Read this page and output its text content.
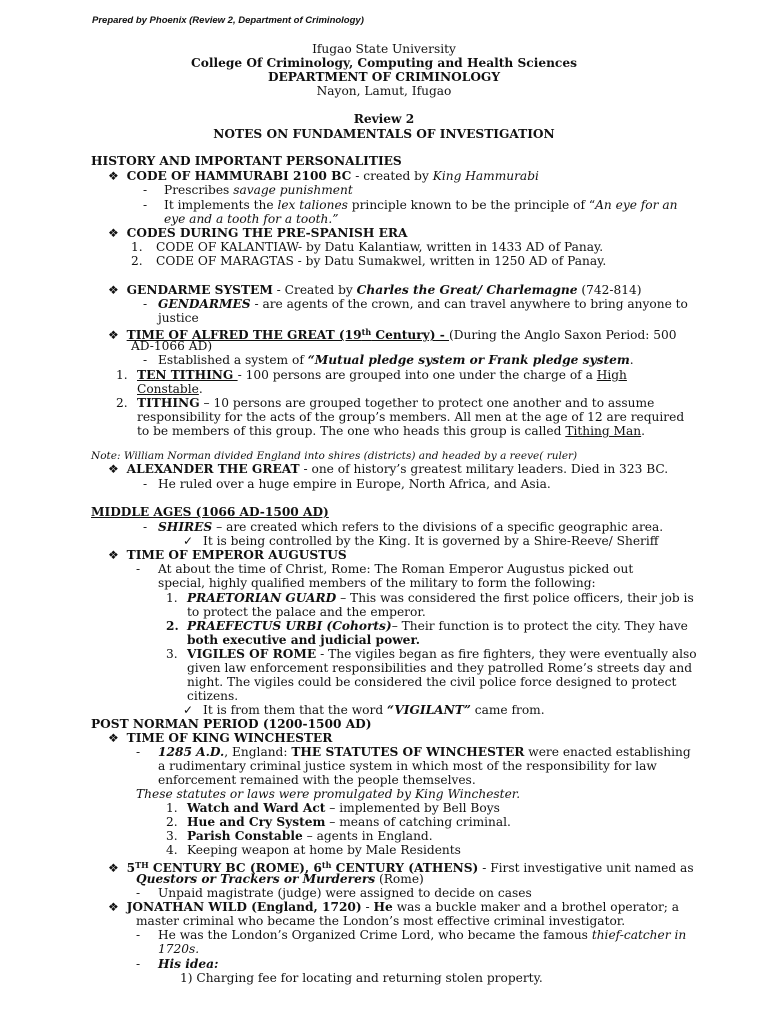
Prepared by Phoenix (Review 2, Department of Criminology)
Ifugao State University
College Of Criminology, Computing and Health Sciences
DEPARTMENT OF CRIMINOLOGY
Nayon, Lamut, Ifugao
Review 2
NOTES ON FUNDAMENTALS OF INVESTIGATION
HISTORY AND IMPORTANT PERSONALITIES
❖ CODE OF HAMMURABI 2100 BC - created by King Hammurabi
- Prescribes savage punishment
- It implements the lex taliones principle known to be the principle of “An eye for an
eye and a tooth for a tooth.”
❖ CODES DURING THE PRE-SPANISH ERA
1. CODE OF KALANTIAW- by Datu Kalantiaw, written in 1433 AD of Panay.
2. CODE OF MARAGTAS - by Datu Sumakwel, written in 1250 AD of Panay.
❖ GENDARME SYSTEM - Created by Charles the Great/ Charlemagne (742-814)
- GENDARMES - are agents of the crown, and can travel anywhere to bring anyone to
justice
❖ TIME OF ALFRED THE GREAT (19th Century) - (During the Anglo Saxon Period: 500
AD-1066 AD)
- Established a system of “Mutual pledge system or Frank pledge system.
1. TEN TITHING - 100 persons are grouped into one under the charge of a High
Constable.
2. TITHING – 10 persons are grouped together to protect one another and to assume
responsibility for the acts of the group’s members. All men at the age of 12 are required
to be members of this group. The one who heads this group is called Tithing Man.
Note: William Norman divided England into shires (districts) and headed by a reeve( ruler)
❖ ALEXANDER THE GREAT - one of history’s greatest military leaders. Died in 323 BC.
- He ruled over a huge empire in Europe, North Africa, and Asia.
MIDDLE AGES (1066 AD-1500 AD)
- SHIRES – are created which refers to the divisions of a specific geographic area.
✓ It is being controlled by the King. It is governed by a Shire-Reeve/ Sheriff
❖ TIME OF EMPEROR AUGUSTUS
- At about the time of Christ, Rome: The Roman Emperor Augustus picked out
special, highly qualified members of the military to form the following:
1. PRAETORIAN GUARD – This was considered the first police officers, their job is
to protect the palace and the emperor.
2. PRAEFECTUS URBI (Cohorts)– Their function is to protect the city. They have
both executive and judicial power.
3. VIGILES OF ROME - The vigiles began as fire fighters, they were eventually also
given law enforcement responsibilities and they patrolled Rome’s streets day and
night. The vigiles could be considered the civil police force designed to protect
citizens.
✓ It is from them that the word “VIGILANT” came from.
POST NORMAN PERIOD (1200-1500 AD)
❖ TIME OF KING WINCHESTER
- 1285 A.D., England: THE STATUTES OF WINCHESTER were enacted establishing
a rudimentary criminal justice system in which most of the responsibility for law
enforcement remained with the people themselves.
These statutes or laws were promulgated by King Winchester.
1. Watch and Ward Act – implemented by Bell Boys
2. Hue and Cry System – means of catching criminal.
3. Parish Constable – agents in England.
4. Keeping weapon at home by Male Residents
❖ 5TH CENTURY BC (ROME), 6th CENTURY (ATHENS) - First investigative unit named as
Questors or Trackers or Murderers (Rome)
- Unpaid magistrate (judge) were assigned to decide on cases
❖ JONATHAN WILD (England, 1720) - He was a buckle maker and a brothel operator; a
master criminal who became the London’s most effective criminal investigator.
- He was the London’s Organized Crime Lord, who became the famous thief-catcher in
1720s.
- His idea:
1) Charging fee for locating and returning stolen property.
